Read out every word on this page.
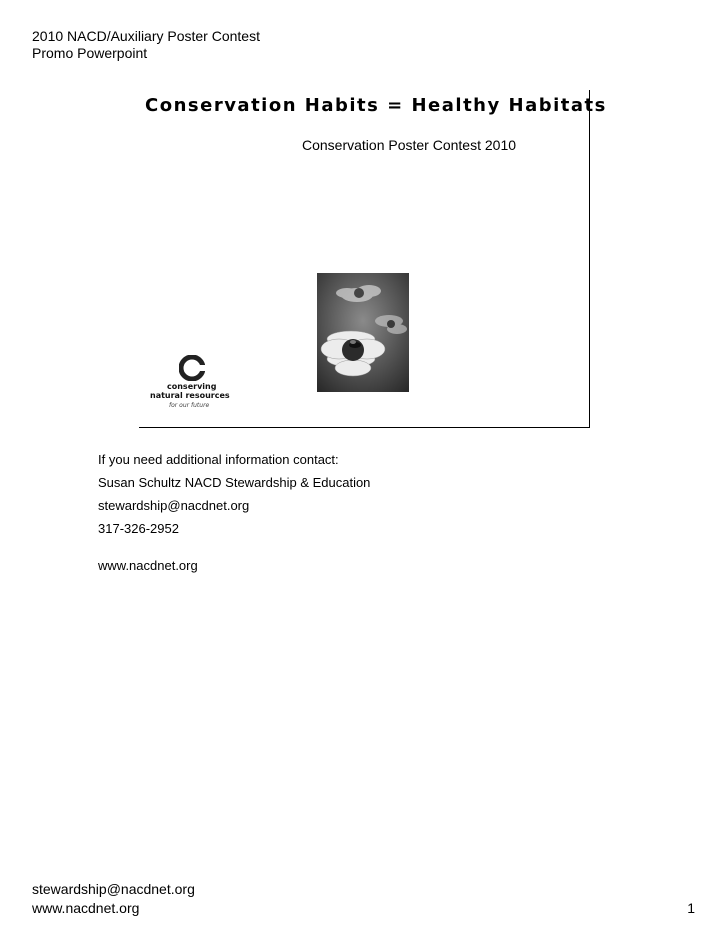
2010 NACD/Auxiliary Poster Contest
Promo Powerpoint
Conservation Habits = Healthy Habitats
Conservation Poster Contest 2010
conserving
natural resources
for our future
If you need additional information contact:
Susan Schultz NACD Stewardship & Education
stewardship@nacdnet.org
317-326-2952
www.nacdnet.org
stewardship@nacdnet.org
www.nacdnet.org	1
